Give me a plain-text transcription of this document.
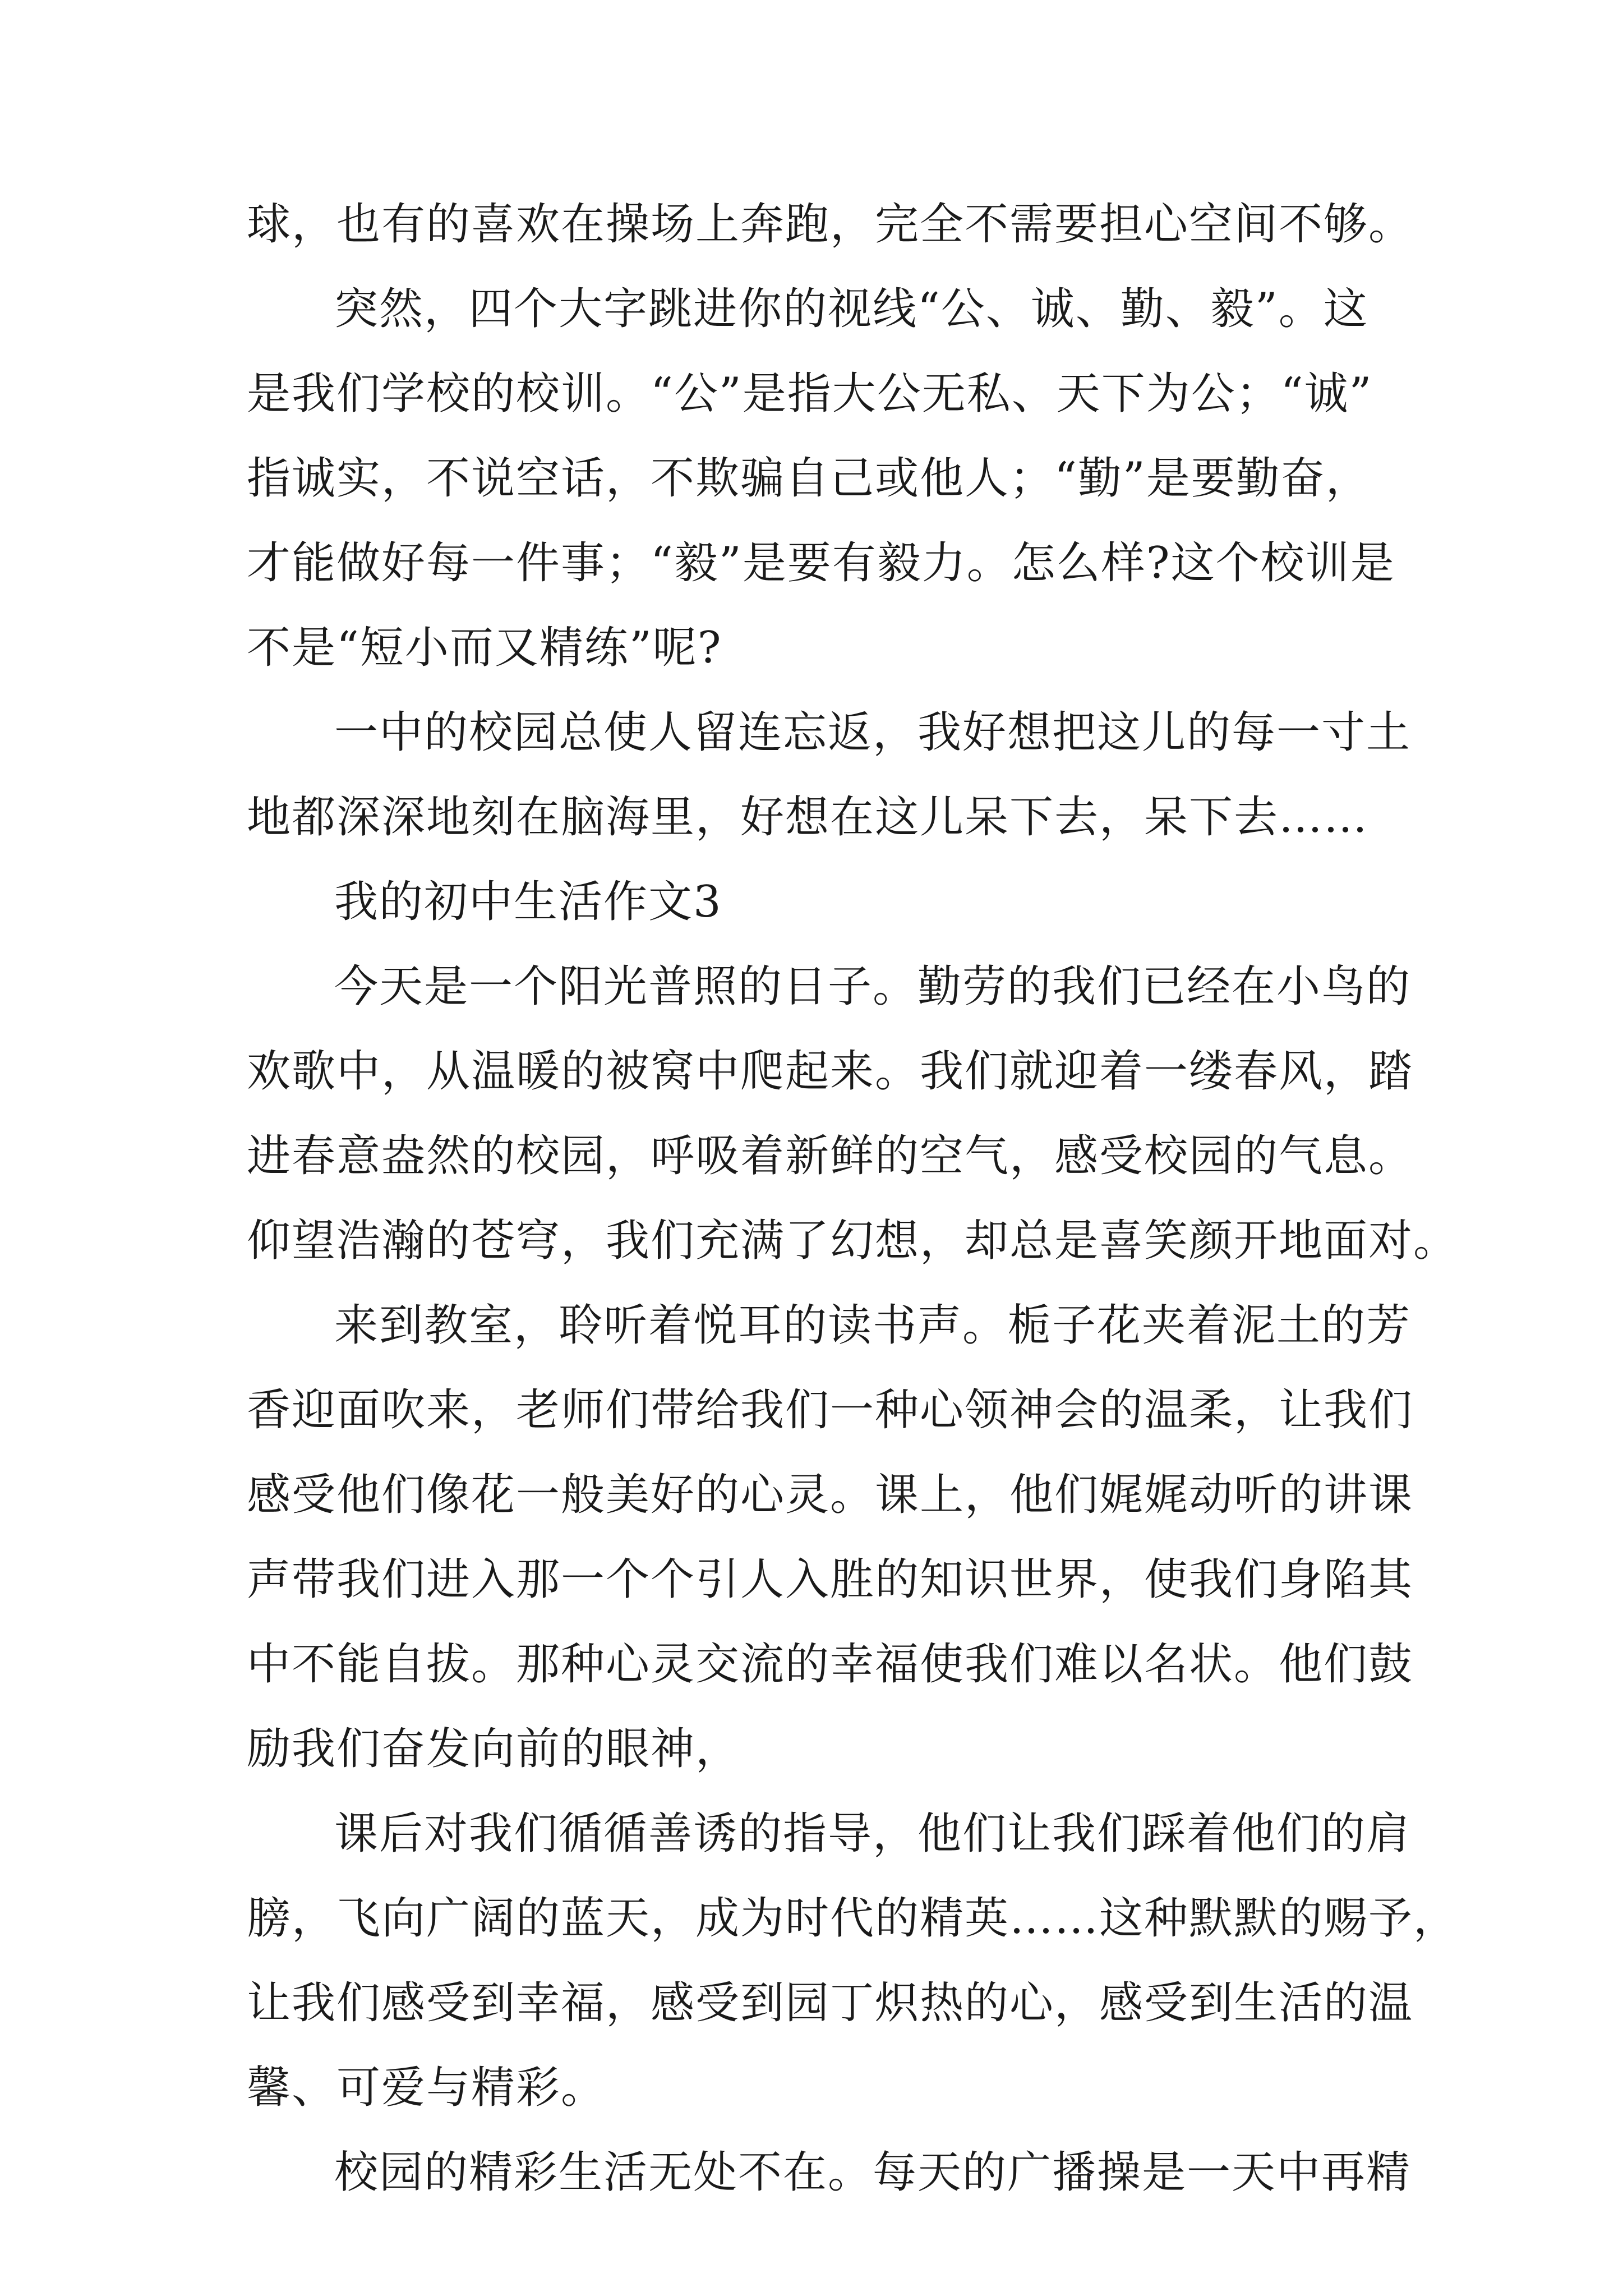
球，也有的喜欢在操场上奔跑，完全不需要担心空间不够。
突然，四个大字跳进你的视线“公、诚、勤、毅”。这
是我们学校的校训。“公”是指大公无私、天下为公；“诚”
指诚实，不说空话，不欺骗自己或他人；“勤”是要勤奋，
才能做好每一件事；“毅”是要有毅力。怎么样?这个校训是
不是“短小而又精练”呢?
一中的校园总使人留连忘返，我好想把这儿的每一寸土
地都深深地刻在脑海里，好想在这儿呆下去，呆下去……
我的初中生活作文3
今天是一个阳光普照的日子。勤劳的我们已经在小鸟的
欢歌中，从温暖的被窝中爬起来。我们就迎着一缕春风，踏
进春意盎然的校园，呼吸着新鲜的空气，感受校园的气息。
仰望浩瀚的苍穹，我们充满了幻想，却总是喜笑颜开地面对。
来到教室，聆听着悦耳的读书声。栀子花夹着泥土的芳
香迎面吹来，老师们带给我们一种心领神会的温柔，让我们
感受他们像花一般美好的心灵。课上，他们娓娓动听的讲课
声带我们进入那一个个引人入胜的知识世界，使我们身陷其
中不能自拔。那种心灵交流的幸福使我们难以名状。他们鼓
励我们奋发向前的眼神，
课后对我们循循善诱的指导，他们让我们踩着他们的肩
膀，飞向广阔的蓝天，成为时代的精英……这种默默的赐予，
让我们感受到幸福，感受到园丁炽热的心，感受到生活的温
馨、可爱与精彩。
校园的精彩生活无处不在。每天的广播操是一天中再精
